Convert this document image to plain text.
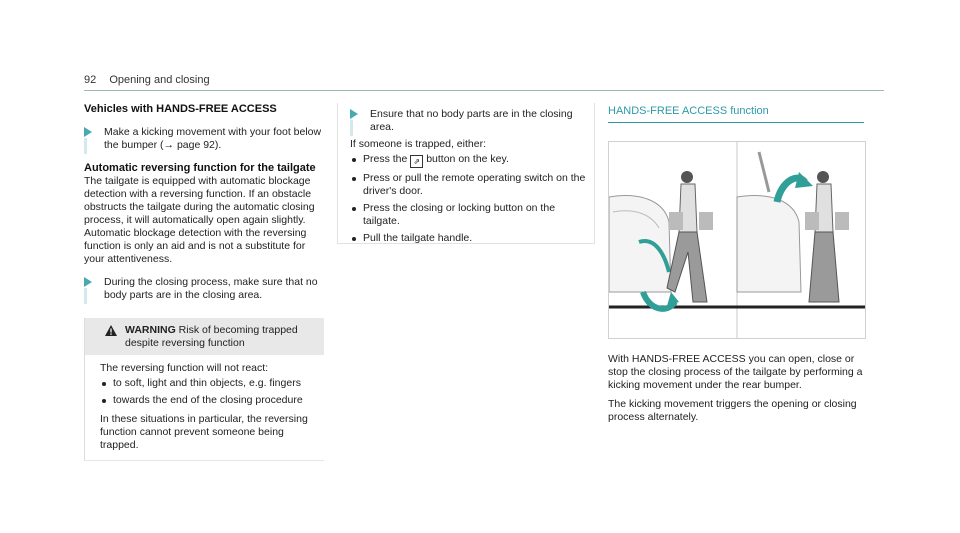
92 Opening and closing
Vehicles with HANDS-FREE ACCESS

Make a kicking movement with your foot below the bumper (→ page 92).

Automatic reversing function for the tailgate

The tailgate is equipped with automatic blockage detection with a reversing function. If an obstacle obstructs the tailgate during the automatic closing process, it will automatically open again slightly. Automatic blockage detection with the reversing function is only an aid and is not a substitute for your attentiveness.

During the closing process, make sure that no body parts are in the closing area.

WARNING Risk of becoming trapped despite reversing function

The reversing function will not react:

to soft, light and thin objects, e.g. fingers
towards the end of the closing procedure

In these situations in particular, the reversing function cannot prevent someone being trapped.

Ensure that no body parts are in the closing area.

If someone is trapped, either:

Press the ⇗ button on the key.
Press or pull the remote operating switch on the driver's door.
Press the closing or locking button on the tailgate.
Pull the tailgate handle.

HANDS-FREE ACCESS function

With HANDS-FREE ACCESS you can open, close or stop the closing process of the tailgate by performing a kicking movement under the rear bumper.

The kicking movement triggers the opening or closing process alternately.
